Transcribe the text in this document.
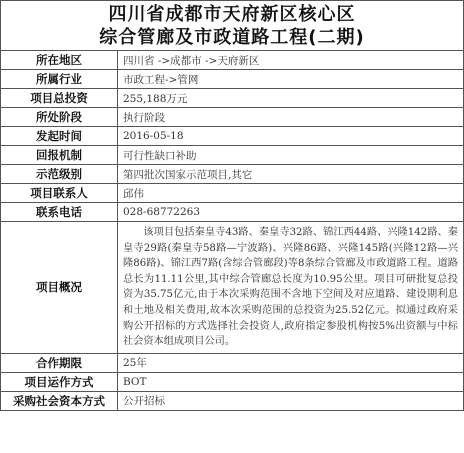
四川省成都市天府新区核心区
综合管廊及市政道路工程(二期)
所在地区	四川省 ->成都市 ->天府新区
所属行业	市政工程->管网
项目总投资	255,188万元
所处阶段	执行阶段
发起时间	2016-05-18
回报机制	可行性缺口补助
示范级别	第四批次国家示范项目,其它
项目联系人	邱伟
联系电话	028-68772263
项目概况	该项目包括秦皇寺43路、秦皇寺32路、锦江西44路、兴隆142路、秦皇寺29路(秦皇寺58路—宁波路)、兴隆86路、兴隆145路(兴隆12路—兴隆86路)、锦江西7路(含综合管廊段)等8条综合管廊及市政道路工程。道路总长为11.11公里,其中综合管廊总长度为10.95公里。项目可研批复总投资为35.75亿元,由于本次采购范围不含地下空间及对应道路、建设期利息和土地及相关费用,故本次采购范围的总投资为25.52亿元。拟通过政府采购公开招标的方式选择社会投资人,政府指定参股机构按5%出资额与中标社会资本组成项目公司。
合作期限	25年
项目运作方式	BOT
采购社会资本方式	公开招标
